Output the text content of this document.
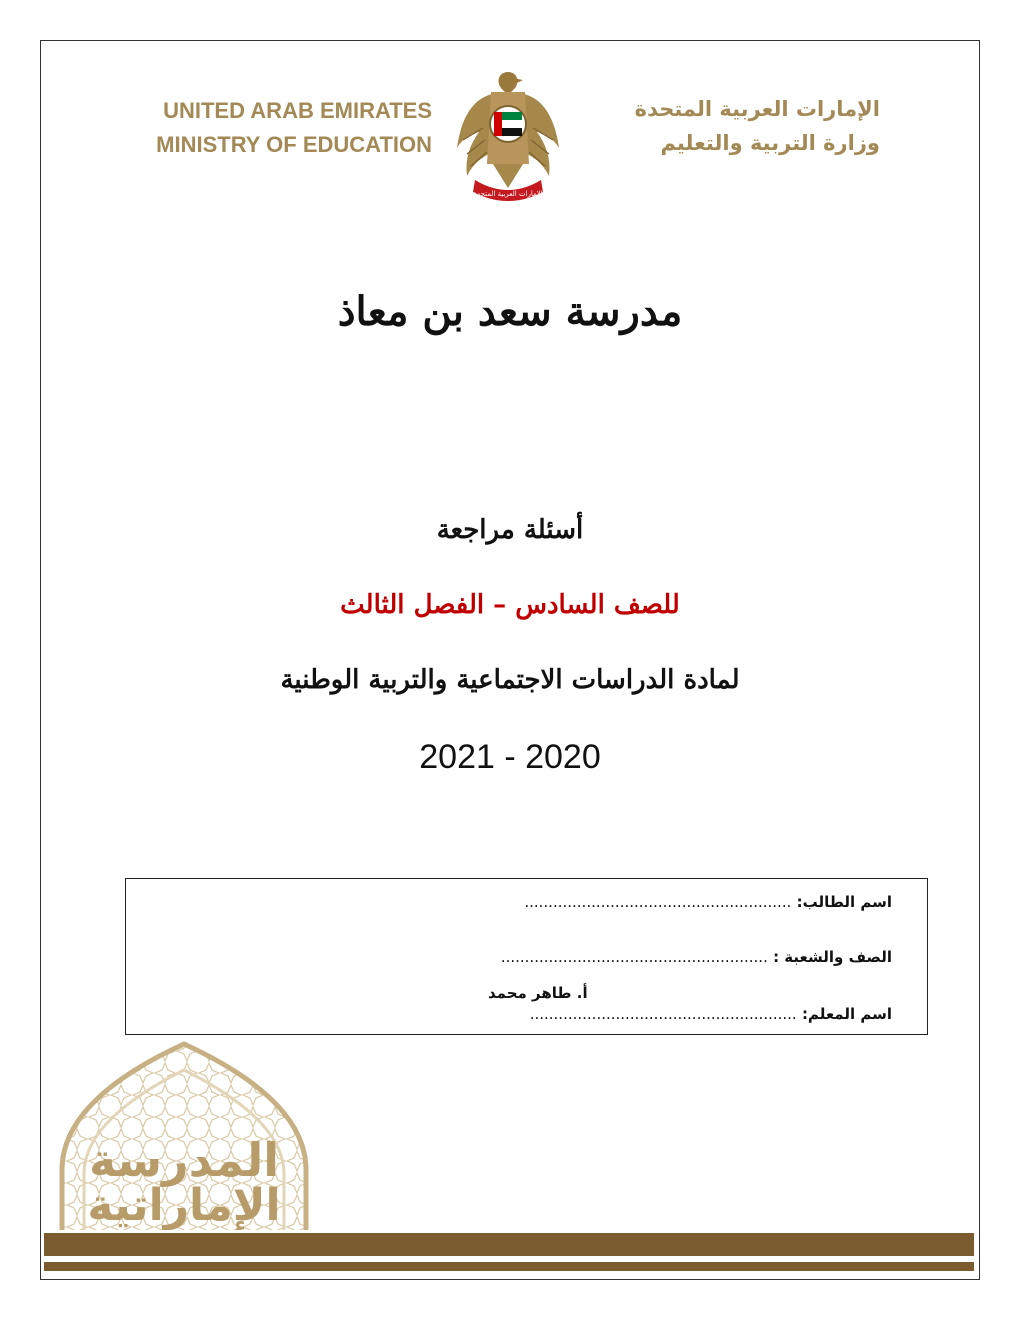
UNITED ARAB EMIRATES
MINISTRY OF EDUCATION
الإمارات العربية المتحدة
الإمارات العربية المتحدة
وزارة التربية والتعليم
مدرسة سعد بن معاذ
أسئلة مراجعة
للصف السادس – الفصل الثالث
لمادة الدراسات الاجتماعية والتربية الوطنية
2021 - 2020
اسم الطالب: ........................................................
الصف والشعبة : ........................................................
أ. طاهر محمد
اسم المعلم: ........................................................
المدرسة
الإماراتية
